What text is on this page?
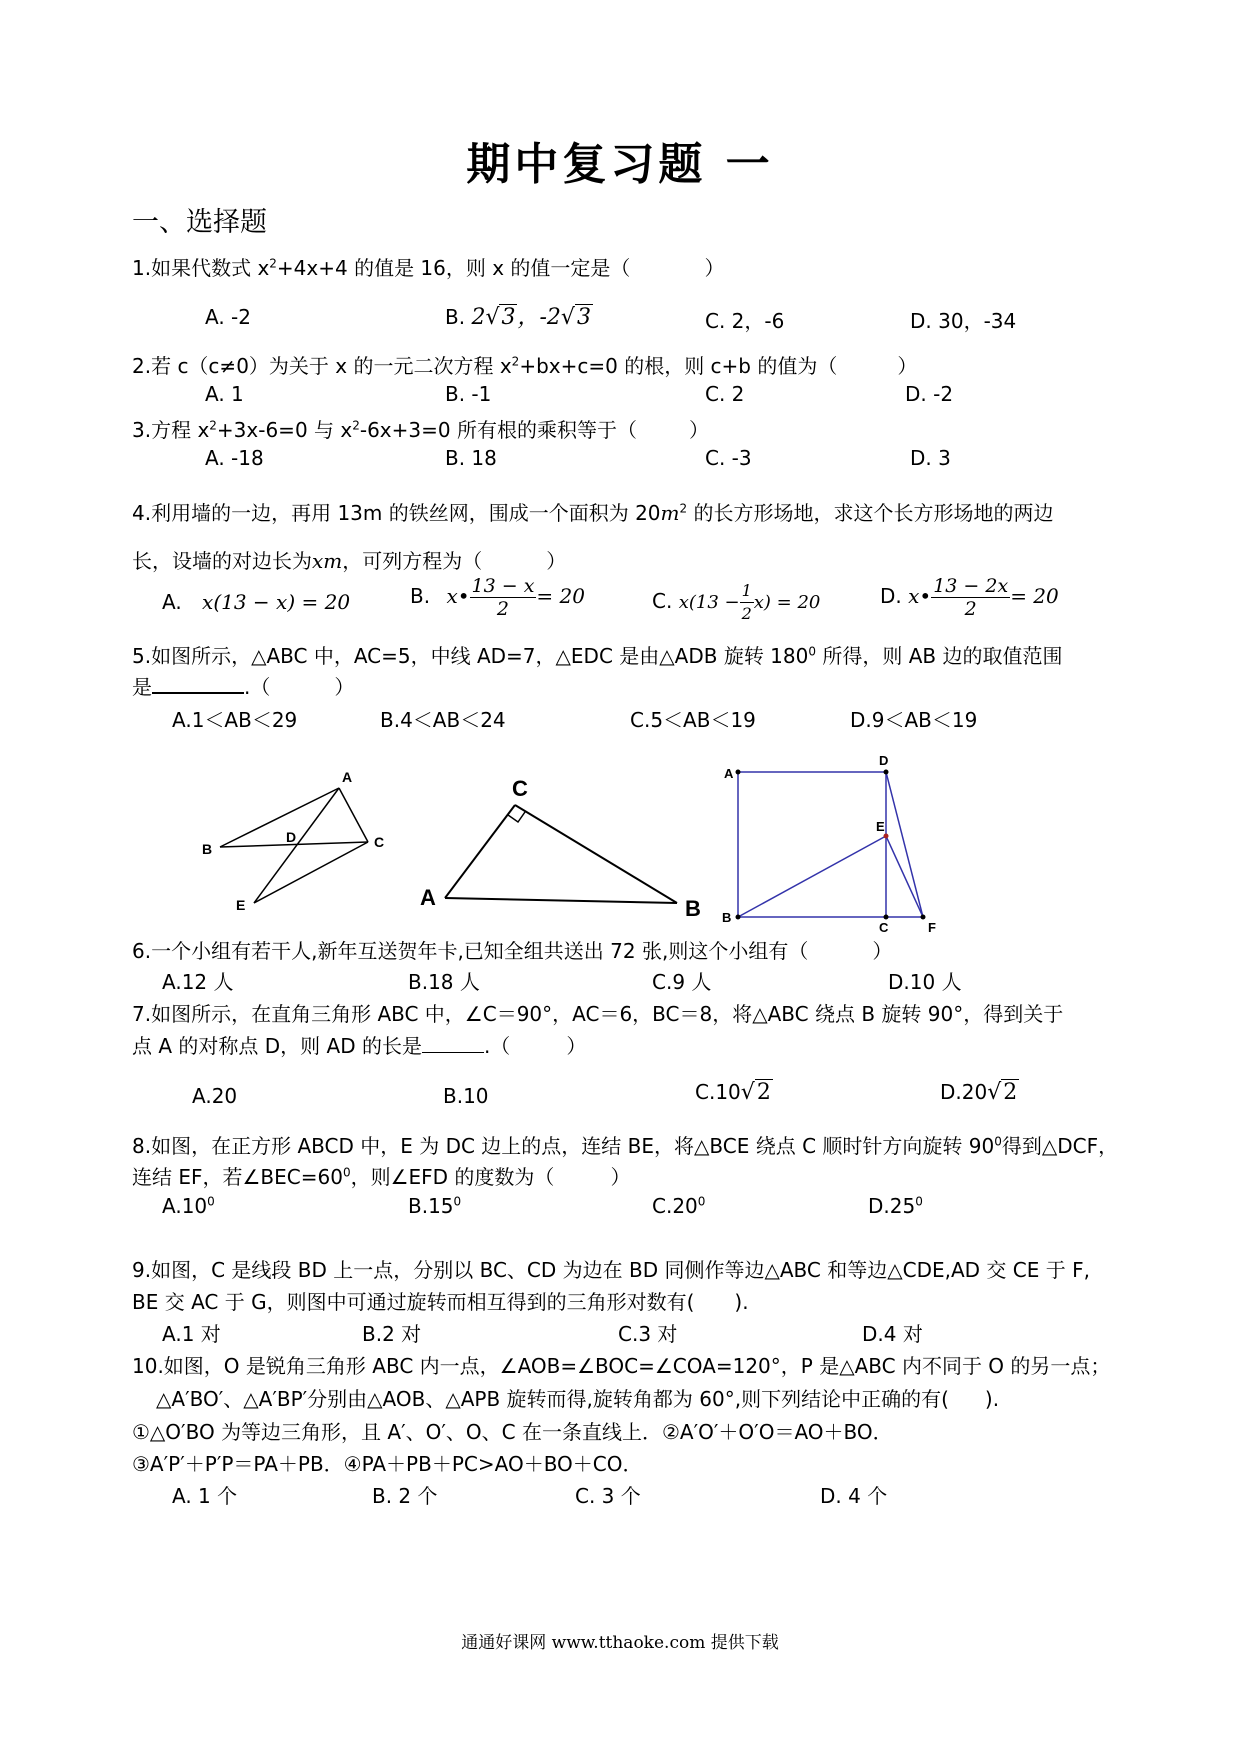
期中复习题 一
一、选择题
1.如果代数式 $x^2+4x+4$ 的值是 16，则 x 的值一定是（	）
A. -2	B. 2√3，-2√3	C. 2，-6	D. 30，-34
2.若 c（c≠0）为关于 x 的一元二次方程 $x^2+bx+c=0$ 的根，则 c+b 的值为（	）
A. 1	B. -1	C. 2	D. -2
3.方程 $x^2+3x-6=0$ 与 $x^2-6x+3=0$ 所有根的乘积等于（	）
A. -18	B. 18	C. -3	D. 3
4.利用墙的一边，再用 13m 的铁丝网，围成一个面积为 $20m^2$ 的长方形场地，求这个长方形场地的两边
长，设墙的对边长为xm，可列方程为（	）
A. x(13 − x) = 20	B. x• $\frac{13 - x}{2} = 20$	C. $x(13 - \frac{1}{2} x) = 20$	D. x• $\frac{13 - 2x}{2} = 20$
5.如图所示，△ABC 中，AC=5，中线 AD=7，△EDC 是由△ADB 旋转 $180^0$ 所得，则 AB 边的取值范围
是	.（	）
A.1＜AB＜29	B.4＜AB＜24	C.5＜AB＜19	D.9＜AB＜19
A
B	C
D
E
C
A	B
A
D
E
B
C	F
6.一个小组有若干人,新年互送贺年卡,已知全组共送出 72 张,则这个小组有（	）
A.12 人	B.18 人	C.9 人	D.10 人
7.如图所示，在直角三角形 ABC 中，∠C＝90°，AC＝6，BC＝8，将△ABC 绕点 B 旋转 90°，得到关于
点 A 的对称点 D，则 AD 的长是	.（	）
A.20	B.10	C.10√2	D.20√2
8.如图，在正方形 ABCD 中，E 为 DC 边上的点，连结 BE，将△BCE 绕点 C 顺时针方向旋转 $90^0$得到△DCF，
连结 EF，若$\angle BEC=60^0$，则∠EFD 的度数为（	）
$A.10^0$	$B.15^0$	$C.20^0$	$D.25^0$
9.如图，C 是线段 BD 上一点，分别以 BC、CD 为边在 BD 同侧作等边△ABC 和等边△CDE,AD 交 CE 于 F,
BE 交 AC 于 G，则图中可通过旋转而相互得到的三角形对数有( ).
A.1 对	B.2 对	C.3 对	D.4 对
10.如图，O 是锐角三角形 ABC 内一点，∠AOB=∠BOC=∠COA=120°，P 是△ABC 内不同于 O 的另一点；
△A′BO′、△A′BP′分别由△AOB、△APB 旋转而得,旋转角都为 60°,则下列结论中正确的有( ).
①△O′BO 为等边三角形，且 A′、O′、O、C 在一条直线上．②A′O′＋O′O＝AO＋BO．
③A′P′＋P′P＝PA＋PB．④PA＋PB＋PC>AO＋BO＋CO．
A. 1 个	B. 2 个	C. 3 个	D. 4 个
通通好课网 www.tthaoke.com 提供下载
